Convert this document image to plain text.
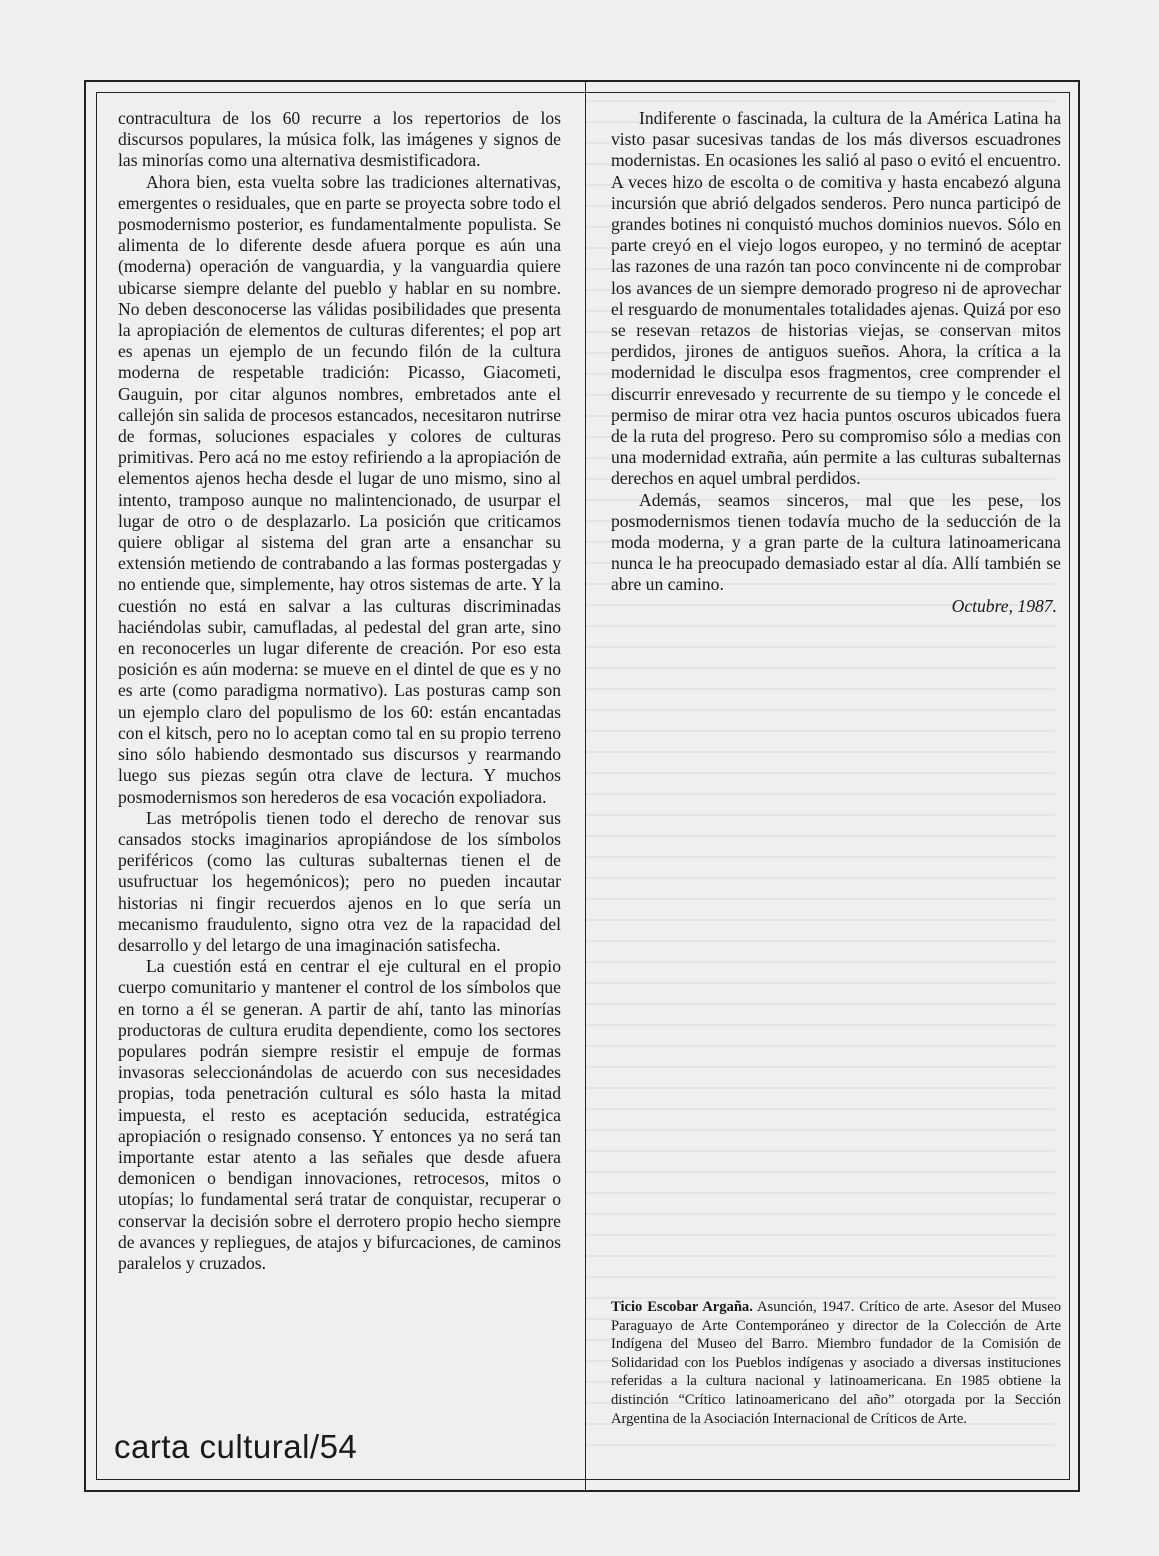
contracultura de los 60 recurre a los repertorios de los discursos populares, la música folk, las imágenes y signos de las minorías como una alternativa desmistificadora.

Ahora bien, esta vuelta sobre las tradiciones alternativas, emergentes o residuales, que en parte se proyecta sobre todo el posmodernismo posterior, es fundamentalmente populista. Se alimenta de lo diferente desde afuera porque es aún una (moderna) operación de vanguardia, y la vanguardia quiere ubicarse siempre delante del pueblo y hablar en su nombre. No deben desconocerse las válidas posibilidades que presenta la apropiación de elementos de culturas diferentes; el pop art es apenas un ejemplo de un fecundo filón de la cultura moderna de respetable tradición: Picasso, Giacometi, Gauguin, por citar algunos nombres, embretados ante el callejón sin salida de procesos estancados, necesitaron nutrirse de formas, soluciones espaciales y colores de culturas primitivas. Pero acá no me estoy refiriendo a la apropiación de elementos ajenos hecha desde el lugar de uno mismo, sino al intento, tramposo aunque no malintencionado, de usurpar el lugar de otro o de desplazarlo. La posición que criticamos quiere obligar al sistema del gran arte a ensanchar su extensión metiendo de contrabando a las formas postergadas y no entiende que, simplemente, hay otros sistemas de arte. Y la cuestión no está en salvar a las culturas discriminadas haciéndolas subir, camufladas, al pedestal del gran arte, sino en reconocerles un lugar diferente de creación. Por eso esta posición es aún moderna: se mueve en el dintel de que es y no es arte (como paradigma normativo). Las posturas camp son un ejemplo claro del populismo de los 60: están encantadas con el kitsch, pero no lo aceptan como tal en su propio terreno sino sólo habiendo desmontado sus discursos y rearmando luego sus piezas según otra clave de lectura. Y muchos posmodernismos son herederos de esa vocación expoliadora.

Las metrópolis tienen todo el derecho de renovar sus cansados stocks imaginarios apropiándose de los símbolos periféricos (como las culturas subalternas tienen el de usufructuar los hegemónicos); pero no pueden incautar historias ni fingir recuerdos ajenos en lo que sería un mecanismo fraudulento, signo otra vez de la rapacidad del desarrollo y del letargo de una imaginación satisfecha.

La cuestión está en centrar el eje cultural en el propio cuerpo comunitario y mantener el control de los símbolos que en torno a él se generan. A partir de ahí, tanto las minorías productoras de cultura erudita dependiente, como los sectores populares podrán siempre resistir el empuje de formas invasoras seleccionándolas de acuerdo con sus necesidades propias, toda penetración cultural es sólo hasta la mitad impuesta, el resto es aceptación seducida, estratégica apropiación o resignado consenso. Y entonces ya no será tan importante estar atento a las señales que desde afuera demonicen o bendigan innovaciones, retrocesos, mitos o utopías; lo fundamental será tratar de conquistar, recuperar o conservar la decisión sobre el derrotero propio hecho siempre de avances y repliegues, de atajos y bifurcaciones, de caminos paralelos y cruzados.

Indiferente o fascinada, la cultura de la América Latina ha visto pasar sucesivas tandas de los más diversos escuadrones modernistas. En ocasiones les salió al paso o evitó el encuentro. A veces hizo de escolta o de comitiva y hasta encabezó alguna incursión que abrió delgados senderos. Pero nunca participó de grandes botines ni conquistó muchos dominios nuevos. Sólo en parte creyó en el viejo logos europeo, y no terminó de aceptar las razones de una razón tan poco convincente ni de comprobar los avances de un siempre demorado progreso ni de aprovechar el resguardo de monumentales totalidades ajenas. Quizá por eso se resevan retazos de historias viejas, se conservan mitos perdidos, jirones de antiguos sueños. Ahora, la crítica a la modernidad le disculpa esos fragmentos, cree comprender el discurrir enrevesado y recurrente de su tiempo y le concede el permiso de mirar otra vez hacia puntos oscuros ubicados fuera de la ruta del progreso. Pero su compromiso sólo a medias con una modernidad extraña, aún permite a las culturas subalternas derechos en aquel umbral perdidos.

Además, seamos sinceros, mal que les pese, los posmodernismos tienen todavía mucho de la seducción de la moda moderna, y a gran parte de la cultura latinoamericana nunca le ha preocupado demasiado estar al día. Allí también se abre un camino.

Octubre, 1987.

Ticio Escobar Argaña. Asunción, 1947. Crítico de arte. Asesor del Museo Paraguayo de Arte Contemporáneo y director de la Colección de Arte Indígena del Museo del Barro. Miembro fundador de la Comisión de Solidaridad con los Pueblos indígenas y asociado a diversas instituciones referidas a la cultura nacional y latinoamericana. En 1985 obtiene la distinción “Crítico latinoamericano del año” otorgada por la Sección Argentina de la Asociación Internacional de Críticos de Arte.
carta cultural/54
